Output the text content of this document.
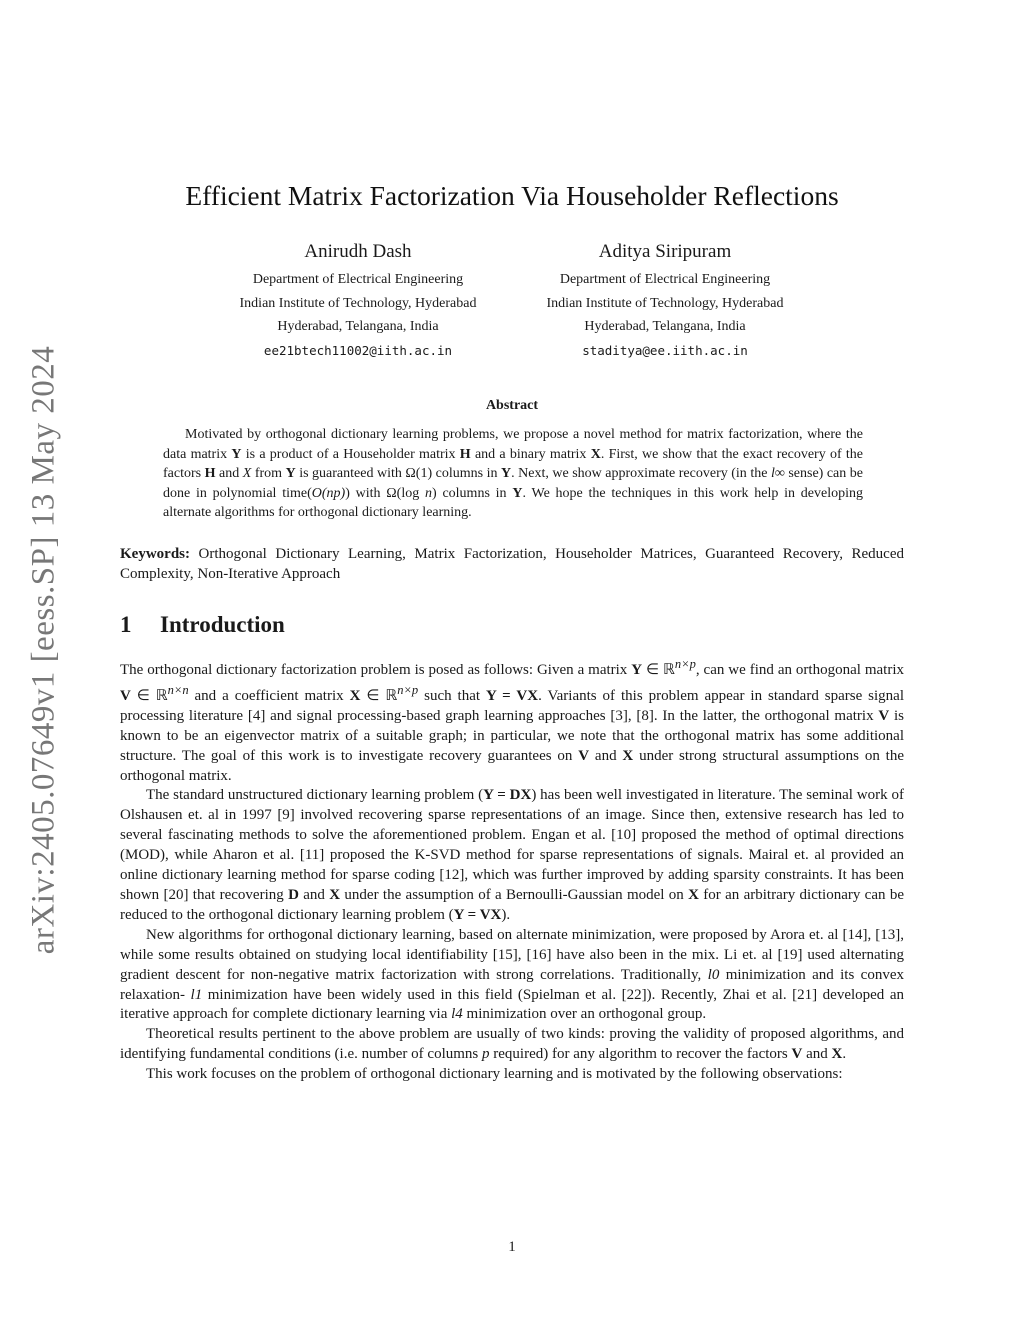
arXiv:2405.07649v1 [eess.SP] 13 May 2024
Efficient Matrix Factorization Via Householder Reflections
Anirudh Dash
Department of Electrical Engineering
Indian Institute of Technology, Hyderabad
Hyderabad, Telangana, India
ee21btech11002@iith.ac.in
Aditya Siripuram
Department of Electrical Engineering
Indian Institute of Technology, Hyderabad
Hyderabad, Telangana, India
staditya@ee.iith.ac.in
Abstract

Motivated by orthogonal dictionary learning problems, we propose a novel method for matrix factorization, where the data matrix Y is a product of a Householder matrix H and a binary matrix X. First, we show that the exact recovery of the factors H and X from Y is guaranteed with Ω(1) columns in Y. Next, we show approximate recovery (in the l∞ sense) can be done in polynomial time(O(np)) with Ω(log n) columns in Y. We hope the techniques in this work help in developing alternate algorithms for orthogonal dictionary learning.

Keywords: Orthogonal Dictionary Learning, Matrix Factorization, Householder Matrices, Guaranteed Recovery, Reduced Complexity, Non-Iterative Approach

1 Introduction

The orthogonal dictionary factorization problem is posed as follows: Given a matrix Y ∈ ℝ$^{n\times p}$, can we find an orthogonal matrix V ∈ ℝ$^{n\times n}$ and a coefficient matrix X ∈ ℝ$^{n\times p}$ such that Y = VX. Variants of this problem appear in standard sparse signal processing literature [4] and signal processing-based graph learning approaches [3], [8]. In the latter, the orthogonal matrix V is known to be an eigenvector matrix of a suitable graph; in particular, we note that the orthogonal matrix has some additional structure. The goal of this work is to investigate recovery guarantees on V and X under strong structural assumptions on the orthogonal matrix.

The standard unstructured dictionary learning problem (Y = DX) has been well investigated in literature. The seminal work of Olshausen et. al in 1997 [9] involved recovering sparse representations of an image. Since then, extensive research has led to several fascinating methods to solve the aforementioned problem. Engan et al. [10] proposed the method of optimal directions (MOD), while Aharon et al. [11] proposed the K-SVD method for sparse representations of signals. Mairal et. al provided an online dictionary learning method for sparse coding [12], which was further improved by adding sparsity constraints. It has been shown [20] that recovering D and X under the assumption of a Bernoulli-Gaussian model on X for an arbitrary dictionary can be reduced to the orthogonal dictionary learning problem (Y = VX).

New algorithms for orthogonal dictionary learning, based on alternate minimization, were proposed by Arora et. al [14], [13], while some results obtained on studying local identifiability [15], [16] have also been in the mix. Li et. al [19] used alternating gradient descent for non-negative matrix factorization with strong correlations. Traditionally, l0 minimization and its convex relaxation- l1 minimization have been widely used in this field (Spielman et al. [22]). Recently, Zhai et al. [21] developed an iterative approach for complete dictionary learning via l4 minimization over an orthogonal group.

Theoretical results pertinent to the above problem are usually of two kinds: proving the validity of proposed algorithms, and identifying fundamental conditions (i.e. number of columns p required) for any algorithm to recover the factors V and X.

This work focuses on the problem of orthogonal dictionary learning and is motivated by the following observations:

1
